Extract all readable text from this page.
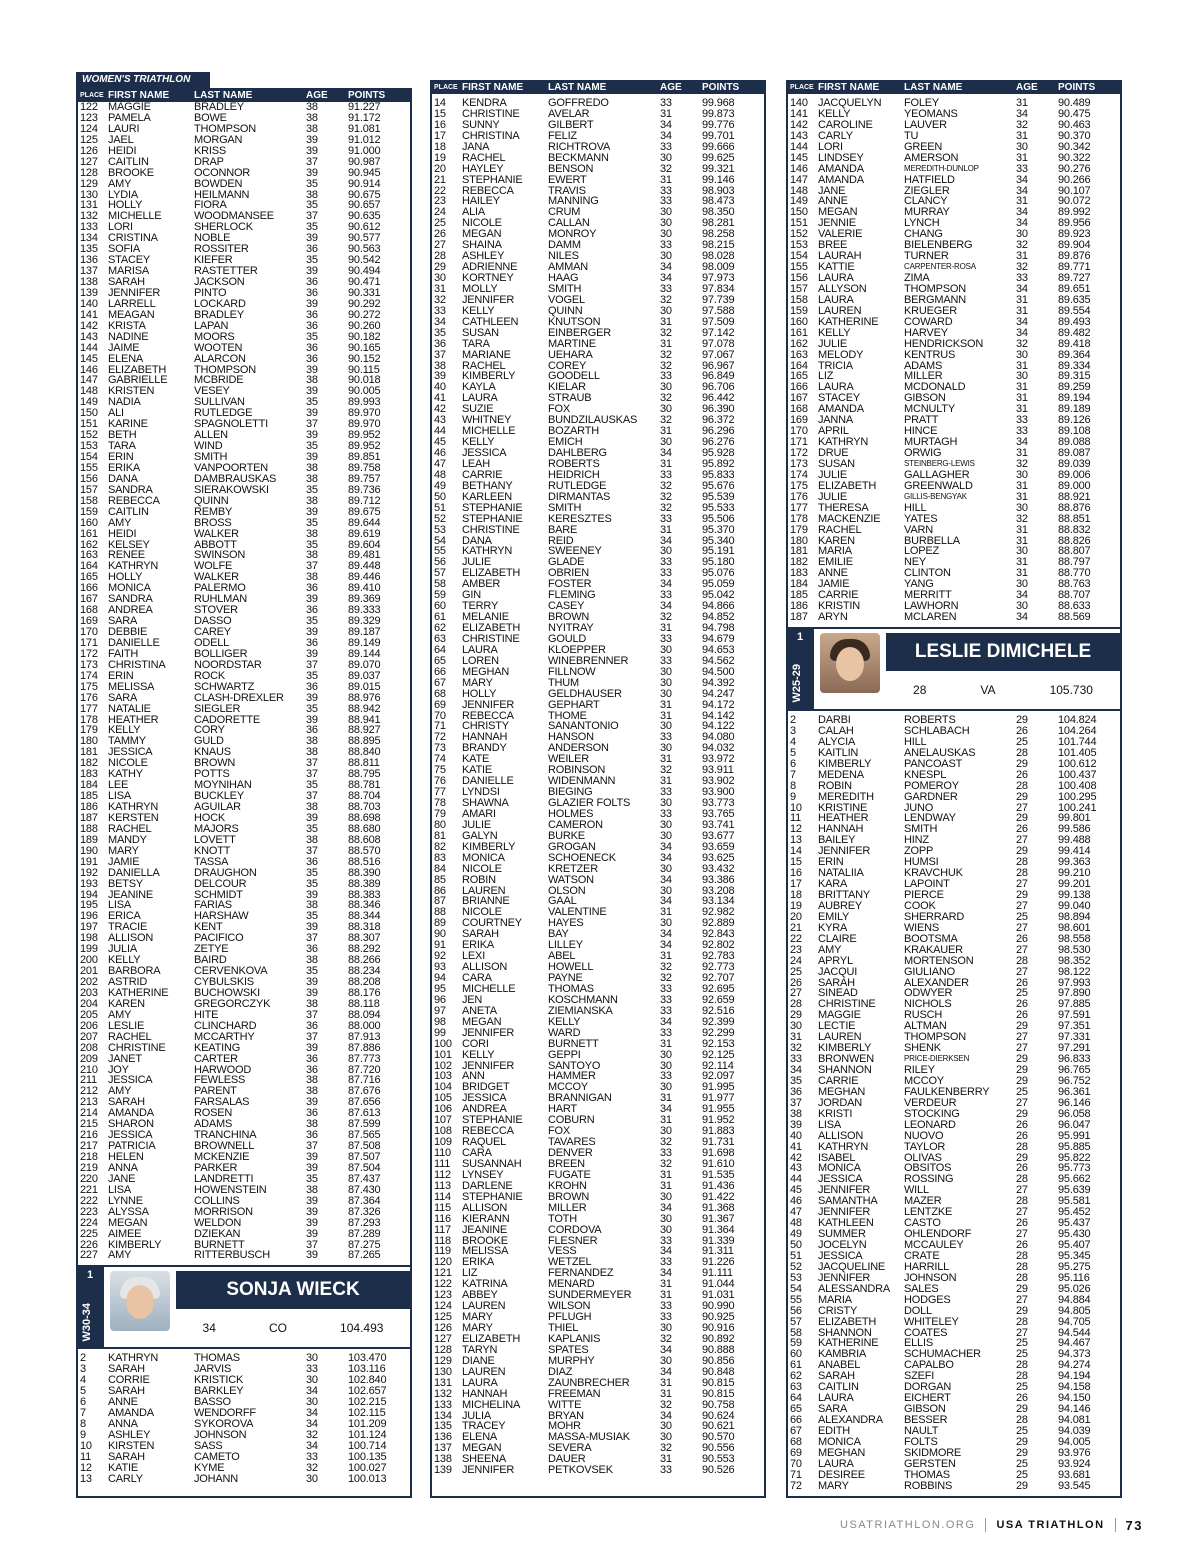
WOMEN'S TRIATHLON
PLACE FIRST NAME	LAST NAME	AGE	POINTS
122 MAGGIE	BRADLEY	38	91.227
123 PAMELA	BOWE	38	91.172
124 LAURI	THOMPSON	38	91.081
125 JAEL	MORGAN	39	91.012
126 HEIDI	KRISS	39	91.000
127 CAITLIN	DRAP	37	90.987
128 BROOKE	OCONNOR	39	90.945
129 AMY	BOWDEN	35	90.914
130 LYDIA	HEILMANN	38	90.675
131 HOLLY	FIORA	35	90.657
132 MICHELLE	WOODMANSEE	37	90.635
133 LORI	SHERLOCK	35	90.612
134 CRISTINA	NOBLE	39	90.577
135 SOFIA	ROSSITER	36	90.563
136 STACEY	KIEFER	35	90.542
137 MARISA	RASTETTER	39	90.494
138 SARAH	JACKSON	36	90.471
139 JENNIFER	PINTO	36	90.331
140 LARRELL	LOCKARD	39	90.292
141 MEAGAN	BRADLEY	36	90.272
142 KRISTA	LAPAN	36	90.260
143 NADINE	MOORS	35	90.182
144 JAIME	WOOTEN	36	90.165
145 ELENA	ALARCON	36	90.152
146 ELIZABETH	THOMPSON	39	90.115
147 GABRIELLE	MCBRIDE	38	90.018
148 KRISTEN	VESEY	39	90.005
149 NADIA	SULLIVAN	35	89.993
150 ALI	RUTLEDGE	39	89.970
151 KARINE	SPAGNOLETTI	37	89.970
152 BETH	ALLEN	39	89.952
153 TARA	WIND	35	89.952
154 ERIN	SMITH	39	89.851
155 ERIKA	VANPOORTEN	38	89.758
156 DANA	DAMBRAUSKAS	38	89.757
157 SANDRA	SIERAKOWSKI	35	89.736
158 REBECCA	QUINN	38	89.712
159 CAITLIN	REMBY	39	89.675
160 AMY	BROSS	35	89.644
161 HEIDI	WALKER	38	89.619
162 KELSEY	ABBOTT	35	89.604
163 RENEE	SWINSON	38	89.481
164 KATHRYN	WOLFE	37	89.448
165 HOLLY	WALKER	38	89.446
166 MONICA	PALERMO	36	89.410
167 SANDRA	RUHLMAN	39	89.369
168 ANDREA	STOVER	36	89.333
169 SARA	DASSO	35	89.329
170 DEBBIE	CAREY	39	89.187
171 DANIELLE	ODELL	36	89.149
172 FAITH	BOLLIGER	39	89.144
173 CHRISTINA	NOORDSTAR	37	89.070
174 ERIN	ROCK	35	89.037
175 MELISSA	SCHWARTZ	36	89.015
176 SARA	CLASH-DREXLER	39	88.976
177 NATALIE	SIEGLER	35	88.942
178 HEATHER	CADORETTE	39	88.941
179 KELLY	CORY	36	88.927
180 TAMMY	GULD	38	88.895
181 JESSICA	KNAUS	38	88.840
182 NICOLE	BROWN	37	88.811
183 KATHY	POTTS	37	88.795
184 LEE	MOYNIHAN	35	88.781
185 LISA	BUCKLEY	37	88.704
186 KATHRYN	AGUILAR	38	88.703
187 KERSTEN	HOCK	39	88.698
188 RACHEL	MAJORS	35	88.680
189 MANDY	LOVETT	38	88.608
190 MARY	KNOTT	37	88.570
191 JAMIE	TASSA	36	88.516
192 DANIELLA	DRAUGHON	35	88.390
193 BETSY	DELCOUR	35	88.389
194 JEANINE	SCHMIDT	39	88.383
195 LISA	FARIAS	38	88.346
196 ERICA	HARSHAW	35	88.344
197 TRACIE	KENT	39	88.318
198 ALLISON	PACIFICO	37	88.307
199 JULIA	ZETYE	36	88.292
200 KELLY	BAIRD	38	88.266
201 BARBORA	CERVENKOVA	35	88.234
202 ASTRID	CYBULSKIS	39	88.208
203 KATHERINE	BUCHOWSKI	39	88.176
204 KAREN	GREGORCZYK	38	88.118
205 AMY	HITE	37	88.094
206 LESLIE	CLINCHARD	36	88.000
207 RACHEL	MCCARTHY	37	87.913
208 CHRISTINE	KEATING	39	87.886
209 JANET	CARTER	36	87.773
210 JOY	HARWOOD	36	87.720
211	JESSICA	FEWLESS	38	87.716
212 AMY	PARENT	38	87.676
213 SARAH	FARSALAS	39	87.656
214 AMANDA	ROSEN	36	87.613
215 SHARON	ADAMS	38	87.599
216 JESSICA	TRANCHINA	36	87.565
217 PATRICIA	BROWNELL	37	87.508
218 HELEN	MCKENZIE	39	87.507
219 ANNA	PARKER	39	87.504
220 JANE	LANDRETTI	35	87.437
221 LISA	HOWENSTEIN	38	87.430
222 LYNNE	COLLINS	39	87.364
223 ALYSSA	MORRISON	39	87.326
224 MEGAN	WELDON	39	87.293
225 AIMEE	DZIEKAN	39	87.289
226 KIMBERLY	BURNETT	37	87.275
227 AMY	RITTERBUSCH	39	87.265
1
W30-34
SONJA WIECK
34	CO	104.493
2	KATHRYN	THOMAS	30	103.470
3	SARAH	JARVIS	33	103.116
4	CORRIE	KRISTICK	30	102.840
5	SARAH	BARKLEY	34	102.657
6	ANNE	BASSO	30	102.215
7	AMANDA	WENDORFF	34	102.115
8	ANNA	SYKOROVA	34	101.209
9	ASHLEY	JOHNSON	32	101.124
10	KIRSTEN	SASS	34	100.714
11	SARAH	CAMETO	33	100.135
12	KATIE	KYME	32	100.027
13	CARLY	JOHANN	30	100.013
PLACE FIRST NAME	LAST NAME	AGE	POINTS
14	KENDRA	GOFFREDO	33	99.968
15	CHRISTINE	AVELAR	31	99.873
16	SUNNY	GILBERT	34	99.776
17	CHRISTINA	FELIZ	34	99.701
18	JANA	RICHTROVA	33	99.666
19	RACHEL	BECKMANN	30	99.625
20	HAYLEY	BENSON	32	99.321
21	STEPHANIE	EWERT	31	99.146
22	REBECCA	TRAVIS	33	98.903
23	HAILEY	MANNING	33	98.473
24	ALIA	CRUM	30	98.350
25	NICOLE	CALLAN	30	98.281
26	MEGAN	MONROY	30	98.258
27	SHAINA	DAMM	33	98.215
28	ASHLEY	NILES	30	98.028
29	ADRIENNE	AMMAN	34	98.009
30	KORTNEY	HAAG	34	97.973
31	MOLLY	SMITH	33	97.834
32	JENNIFER	VOGEL	32	97.739
33	KELLY	QUINN	30	97.588
34	CATHLEEN	KNUTSON	31	97.509
35	SUSAN	EINBERGER	32	97.142
36	TARA	MARTINE	31	97.078
37	MARIANE	UEHARA	32	97.067
38	RACHEL	COREY	32	96.967
39	KIMBERLY	GOODELL	33	96.849
40	KAYLA	KIELAR	30	96.706
41	LAURA	STRAUB	32	96.442
42	SUZIE	FOX	30	96.390
43	WHITNEY	BUNDZILAUSKAS	32	96.372
44	MICHELLE	BOZARTH	31	96.296
45	KELLY	EMICH	30	96.276
46	JESSICA	DAHLBERG	34	95.928
47	LEAH	ROBERTS	31	95.892
48	CARRIE	HEIDRICH	33	95.833
49	BETHANY	RUTLEDGE	32	95.676
50	KARLEEN	DIRMANTAS	32	95.539
51	STEPHANIE	SMITH	32	95.533
52	STEPHANIE	KERESZTES	33	95.506
53	CHRISTINE	BARE	31	95.370
54	DANA	REID	34	95.340
55	KATHRYN	SWEENEY	30	95.191
56	JULIE	GLADE	33	95.180
57	ELIZABETH	OBRIEN	33	95.076
58	AMBER	FOSTER	34	95.059
59	GIN	FLEMING	33	95.042
60	TERRY	CASEY	34	94.866
61	MELANIE	BROWN	32	94.852
62	ELIZABETH	NYITRAY	31	94.798
63	CHRISTINE	GOULD	33	94.679
64	LAURA	KLOEPPER	30	94.653
65	LOREN	WINEBRENNER	33	94.562
66	MEGHAN	FILLNOW	30	94.500
67	MARY	THUM	30	94.392
68	HOLLY	GELDHAUSER	30	94.247
69	JENNIFER	GEPHART	31	94.172
70	REBECCA	THOME	31	94.142
71	CHRISTY	SANANTONIO	30	94.122
72	HANNAH	HANSON	33	94.080
73	BRANDY	ANDERSON	30	94.032
74	KATE	WEILER	31	93.972
75	KATIE	ROBINSON	32	93.911
76	DANIELLE	WIDENMANN	31	93.902
77	LYNDSI	BIEGING	33	93.900
78	SHAWNA	GLAZIER FOLTS	30	93.773
79	AMARI	HOLMES	33	93.765
80	JULIE	CAMERON	30	93.741
81	GALYN	BURKE	30	93.677
82	KIMBERLY	GROGAN	34	93.659
83	MONICA	SCHOENECK	34	93.625
84	NICOLE	KRETZER	30	93.432
85	ROBIN	WATSON	34	93.386
86	LAUREN	OLSON	30	93.208
87	BRIANNE	GAAL	34	93.134
88	NICOLE	VALENTINE	31	92.982
89	COURTNEY	HAYES	30	92.889
90	SARAH	BAY	34	92.843
91	ERIKA	LILLEY	34	92.802
92	LEXI	ABEL	31	92.783
93	ALLISON	HOWELL	32	92.773
94	CARA	PAYNE	32	92.707
95	MICHELLE	THOMAS	33	92.695
96	JEN	KOSCHMANN	33	92.659
97	ANETA	ZIEMIANSKA	33	92.516
98	MEGAN	KELLY	34	92.399
99	JENNIFER	WARD	33	92.299
100 CORI	BURNETT	31	92.153
101 KELLY	GEPPI	30	92.125
102 JENNIFER	SANTOYO	30	92.114
103 ANN	HAMMER	33	92.097
104 BRIDGET	MCCOY	30	91.995
105 JESSICA	BRANNIGAN	31	91.977
106 ANDREA	HART	34	91.955
107 STEPHANIE	COBURN	31	91.952
108 REBECCA	FOX	30	91.883
109 RAQUEL	TAVARES	32	91.731
110	CARA	DENVER	33	91.698
111	SUSANNAH	BREEN	32	91.610
112	LYNSEY	FUGATE	31	91.535
113	DARLENE	KROHN	31	91.436
114	STEPHANIE	BROWN	30	91.422
115	ALLISON	MILLER	34	91.368
116	KIERANN	TOTH	30	91.367
117	JEANINE	CORDOVA	30	91.364
118	BROOKE	FLESNER	33	91.339
119	MELISSA	VESS	34	91.311
120 ERIKA	WETZEL	33	91.226
121 LIZ	FERNANDEZ	34	91.111
122 KATRINA	MENARD	31	91.044
123 ABBEY	SUNDERMEYER	31	91.031
124 LAUREN	WILSON	33	90.990
125 MARY	PFLUGH	33	90.925
126 MARY	THIEL	30	90.916
127 ELIZABETH	KAPLANIS	32	90.892
128 TARYN	SPATES	34	90.888
129 DIANE	MURPHY	30	90.856
130 LAUREN	DIAZ	34	90.848
131 LAURA	ZAUNBRECHER	31	90.815
132 HANNAH	FREEMAN	31	90.815
133 MICHELINA	WITTE	32	90.758
134 JULIA	BRYAN	34	90.624
135 TRACEY	MOHR	30	90.621
136 ELENA	MASSA-MUSIAK	30	90.570
137 MEGAN	SEVERA	32	90.556
138 SHEENA	DAUER	31	90.553
139 JENNIFER	PETKOVSEK	33	90.526
PLACE FIRST NAME	LAST NAME	AGE	POINTS
140 JACQUELYN	FOLEY	31	90.489
141 KELLY	YEOMANS	34	90.475
142 CAROLINE	LAUVER	32	90.463
143 CARLY	TU	31	90.370
144 LORI	GREEN	30	90.342
145 LINDSEY	AMERSON	31	90.322
146 AMANDA	MEREDITH-DUNLOP	33	90.276
147 AMANDA	HATFIELD	34	90.266
148 JANE	ZIEGLER	34	90.107
149 ANNE	CLANCY	31	90.072
150 MEGAN	MURRAY	34	89.992
151 JENNIE	LYNCH	34	89.956
152 VALERIE	CHANG	30	89.923
153 BREE	BIELENBERG	32	89.904
154 LAURAH	TURNER	31	89.876
155 KATTIE	CARPENTER-ROSA	32	89.771
156 LAURA	ZIMA	33	89.727
157 ALLYSON	THOMPSON	34	89.651
158 LAURA	BERGMANN	31	89.635
159 LAUREN	KRUEGER	31	89.554
160 KATHERINE	COWARD	34	89.493
161 KELLY	HARVEY	34	89.482
162 JULIE	HENDRICKSON	32	89.418
163 MELODY	KENTRUS	30	89.364
164 TRICIA	ADAMS	31	89.334
165 LIZ	MILLER	30	89.315
166 LAURA	MCDONALD	31	89.259
167 STACEY	GIBSON	31	89.194
168 AMANDA	MCNULTY	31	89.189
169 JANNA	PRATT	33	89.126
170 APRIL	HINCE	33	89.108
171 KATHRYN	MURTAGH	34	89.088
172 DRUE	ORWIG	31	89.087
173 SUSAN	STEINBERG-LEWIS	32	89.039
174 JULIE	GALLAGHER	30	89.006
175 ELIZABETH	GREENWALD	31	89.000
176 JULIE	GILLIS-BENGYAK	31	88.921
177 THERESA	HILL	30	88.876
178 MACKENZIE	YATES	32	88.851
179 RACHEL	VARN	31	88.832
180 KAREN	BURBELLA	31	88.826
181 MARIA	LOPEZ	30	88.807
182 EMILIE	NEY	31	88.797
183 ANNE	CLINTON	31	88.770
184 JAMIE	YANG	30	88.763
185 CARRIE	MERRITT	34	88.707
186 KRISTIN	LAWHORN	30	88.633
187 ARYN	MCLAREN	34	88.569
1
W25-29
LESLIE DIMICHELE
28	VA	105.730
2	DARBI	ROBERTS	29	104.824
3	CALAH	SCHLABACH	26	104.264
4	ALYCIA	HILL	25	101.744
5	KAITLIN	ANELAUSKAS	28	101.405
6	KIMBERLY	PANCOAST	29	100.612
7	MEDENA	KNESPL	26	100.437
8	ROBIN	POMEROY	28	100.408
9	MEREDITH	GARDNER	29	100.295
10	KRISTINE	JUNO	27	100.241
11	HEATHER	LENDWAY	29	99.801
12	HANNAH	SMITH	26	99.586
13	BAILEY	HINZ	27	99.488
14	JENNIFER	ZOPP	29	99.414
15	ERIN	HUMSI	28	99.363
16	NATALIIA	KRAVCHUK	28	99.210
17	KARA	LAPOINT	27	99.201
18	BRITTANY	PIERCE	29	99.138
19	AUBREY	COOK	27	99.040
20	EMILY	SHERRARD	25	98.894
21	KYRA	WIENS	27	98.601
22	CLAIRE	BOOTSMA	26	98.558
23	AMY	KRAKAUER	27	98.530
24	APRYL	MORTENSON	28	98.352
25	JACQUI	GIULIANO	27	98.122
26	SARAH	ALEXANDER	26	97.993
27	SINEAD	ODWYER	25	97.890
28	CHRISTINE	NICHOLS	26	97.885
29	MAGGIE	RUSCH	26	97.591
30	LECTIE	ALTMAN	29	97.351
31	LAUREN	THOMPSON	27	97.331
32	KIMBERLY	SHENK	27	97.291
33	BRONWEN	PRICE-DIERKSEN	29	96.833
34	SHANNON	RILEY	29	96.765
35	CARRIE	MCCOY	29	96.752
36	MEGHAN	FAULKENBERRY	25	96.361
37	JORDAN	VERDEUR	27	96.146
38	KRISTI	STOCKING	29	96.058
39	LISA	LEONARD	26	96.047
40	ALLISON	NUOVO	26	95.991
41	KATHRYN	TAYLOR	28	95.885
42	ISABEL	OLIVAS	29	95.822
43	MONICA	OBSITOS	26	95.773
44	JESSICA	ROSSING	28	95.662
45	JENNIFER	WILL	27	95.639
46	SAMANTHA	MAZER	28	95.581
47	JENNIFER	LENTZKE	27	95.452
48	KATHLEEN	CASTO	26	95.437
49	SUMMER	OHLENDORF	27	95.430
50	JOCELYN	MCCAULEY	26	95.407
51	JESSICA	CRATE	28	95.345
52	JACQUELINE	HARRILL	28	95.275
53	JENNIFER	JOHNSON	28	95.116
54	ALESSANDRA	SALES	29	95.026
55	MARIA	HODGES	27	94.884
56	CRISTY	DOLL	29	94.805
57	ELIZABETH	WHITELEY	28	94.705
58	SHANNON	COATES	27	94.544
59	KATHERINE	ELLIS	25	94.467
60	KAMBRIA	SCHUMACHER	25	94.373
61	ANABEL	CAPALBO	28	94.274
62	SARAH	SZEFI	28	94.194
63	CAITLIN	DORGAN	25	94.158
64	LAURA	EICHERT	26	94.150
65	SARA	GIBSON	29	94.146
66	ALEXANDRA	BESSER	28	94.081
67	EDITH	NAULT	25	94.039
68	MONICA	FOLTS	29	94.005
69	MEGHAN	SKIDMORE	29	93.976
70	LAURA	GERSTEN	25	93.924
71	DESIREE	THOMAS	25	93.681
72	MARY	ROBBINS	29	93.545
USATRIATHLON.ORG USA TRIATHLON 73
